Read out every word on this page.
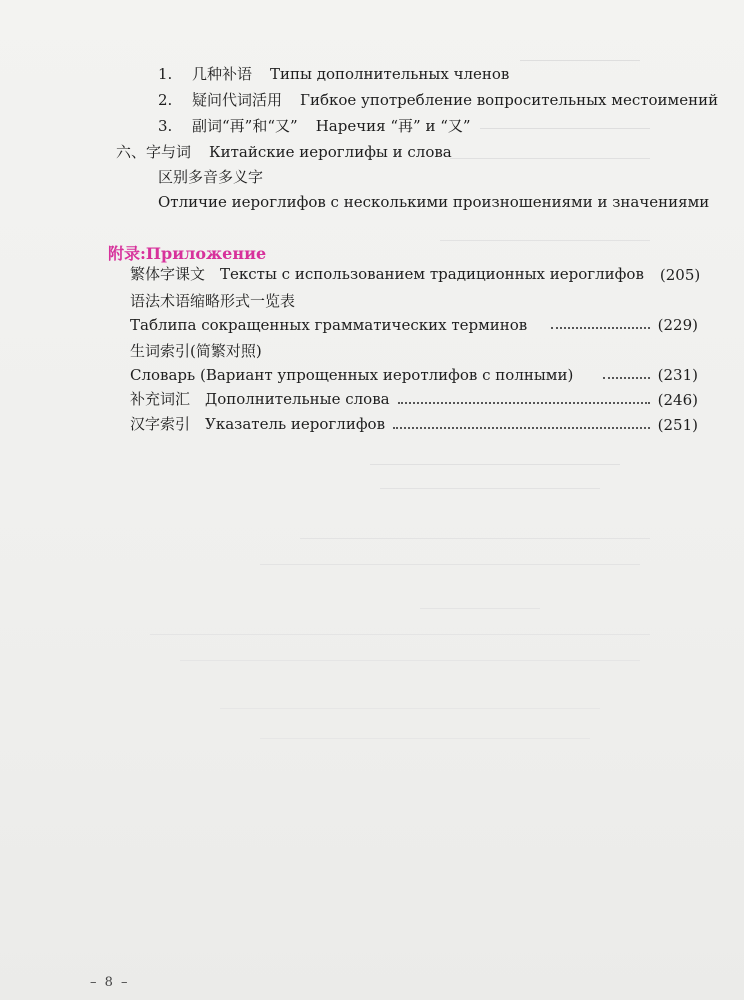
1. 几种补语 Типы дополнительных членов
2. 疑问代词活用 Гибкое употребление вопросительных местоимений
3. 副词“再”和“又” Наречия “再” и “又”
六、字与词 Китайские иероглифы и слова
区别多音多义字
Отличие иероглифов с несколькими произношениями и значениями
附录:Приложение
繁体字课文　Тексты с использованием традиционных иероглифов (205)
语法术语缩略形式一览表
Таблипа сокращенных грамматических терминов	(229)
生词索引(简繁对照)
Словарь (Вариант упрощенных иеротлифов с полными)	(231)
补充词汇　Дополнительные слова	(246)
汉字索引　Указатель иероглифов	(251)
– 8 –
